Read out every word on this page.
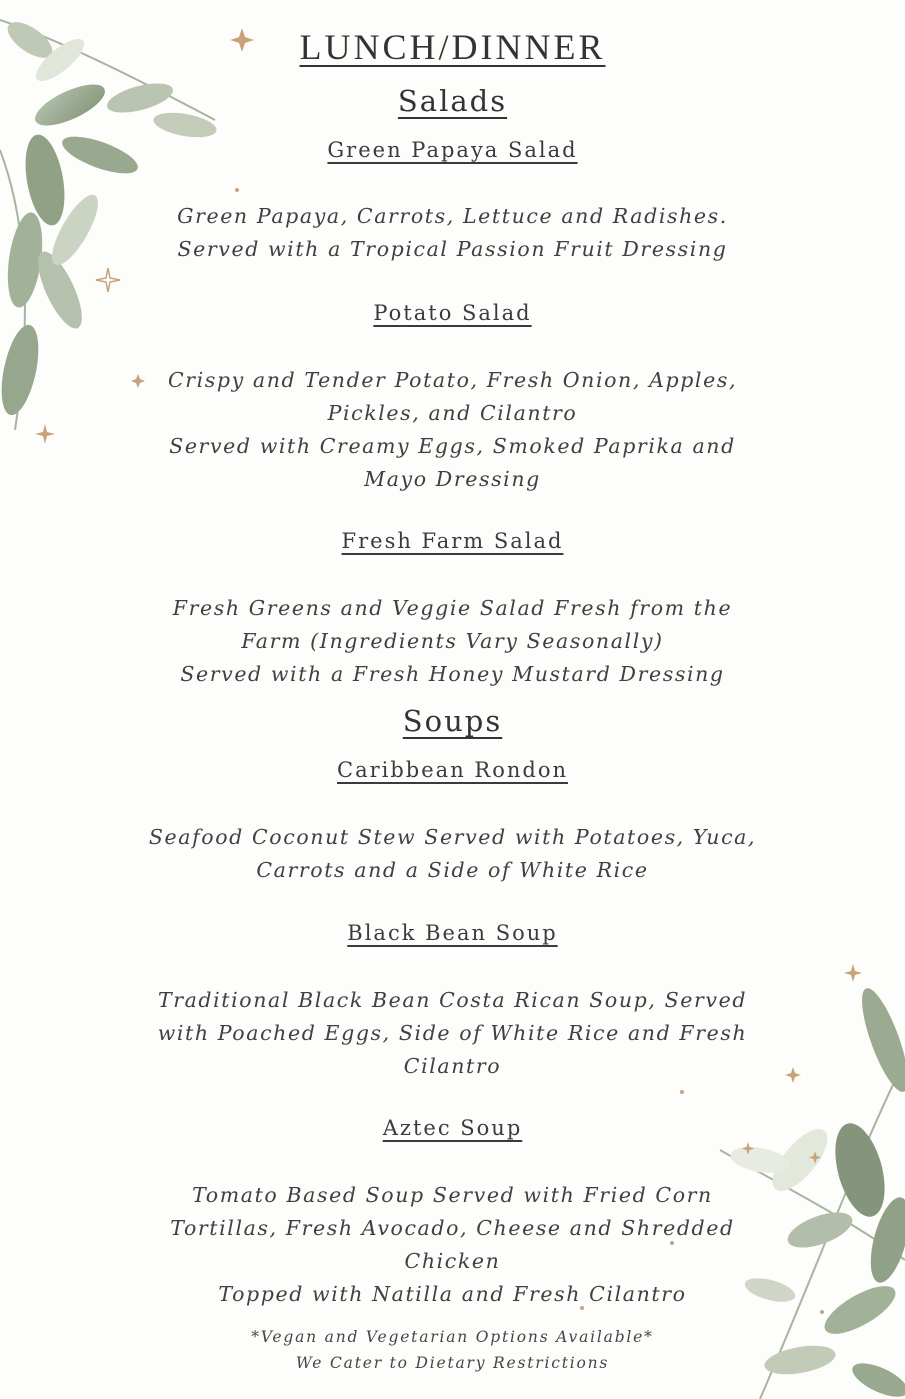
LUNCH/DINNER
Salads
Green Papaya Salad
Green Papaya, Carrots, Lettuce and Radishes.
Served with a Tropical Passion Fruit Dressing
Potato Salad
Crispy and Tender Potato, Fresh Onion, Apples,
Pickles, and Cilantro
Served with Creamy Eggs, Smoked Paprika and
Mayo Dressing
Fresh Farm Salad
Fresh Greens and Veggie Salad Fresh from the
Farm (Ingredients Vary Seasonally)
Served with a Fresh Honey Mustard Dressing
Soups
Caribbean Rondon
Seafood Coconut Stew Served with Potatoes, Yuca,
Carrots and a Side of White Rice
Black Bean Soup
Traditional Black Bean Costa Rican Soup, Served
with Poached Eggs, Side of White Rice and Fresh
Cilantro
Aztec Soup
Tomato Based Soup Served with Fried Corn
Tortillas, Fresh Avocado, Cheese and Shredded
Chicken
Topped with Natilla and Fresh Cilantro
*Vegan and Vegetarian Options Available*
We Cater to Dietary Restrictions
